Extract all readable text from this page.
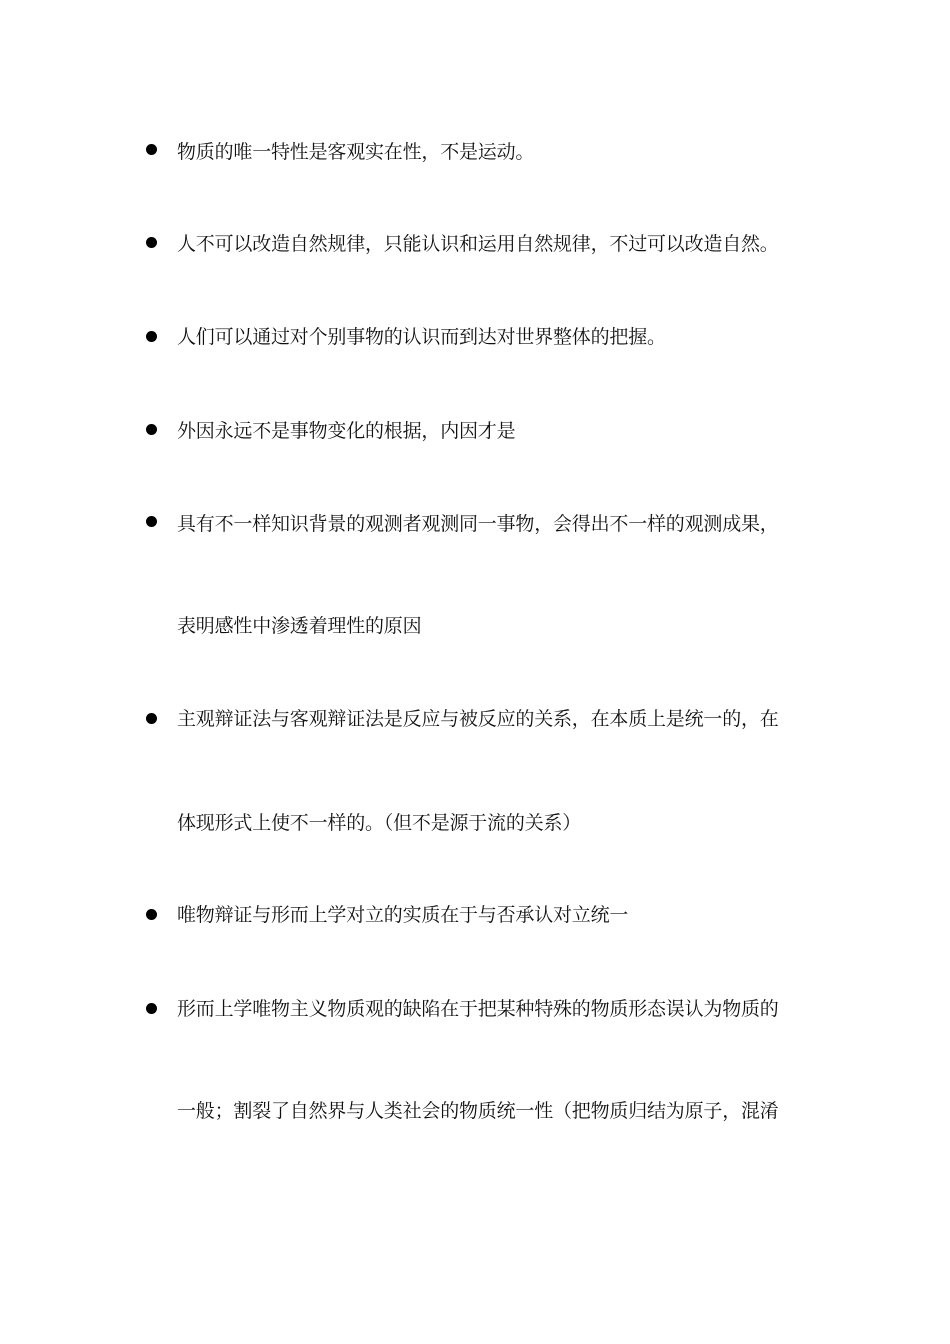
物质的唯一特性是客观实在性，不是运动。
人不可以改造自然规律，只能认识和运用自然规律，不过可以改造自然。
人们可以通过对个别事物的认识而到达对世界整体的把握。
外因永远不是事物变化的根据，内因才是
具有不一样知识背景的观测者观测同一事物，会得出不一样的观测成果，
表明感性中渗透着理性的原因
主观辩证法与客观辩证法是反应与被反应的关系，在本质上是统一的，在
体现形式上使不一样的。（但不是源于流的关系）
唯物辩证与形而上学对立的实质在于与否承认对立统一
形而上学唯物主义物质观的缺陷在于把某种特殊的物质形态误认为物质的
一般；割裂了自然界与人类社会的物质统一性（把物质归结为原子，混淆
